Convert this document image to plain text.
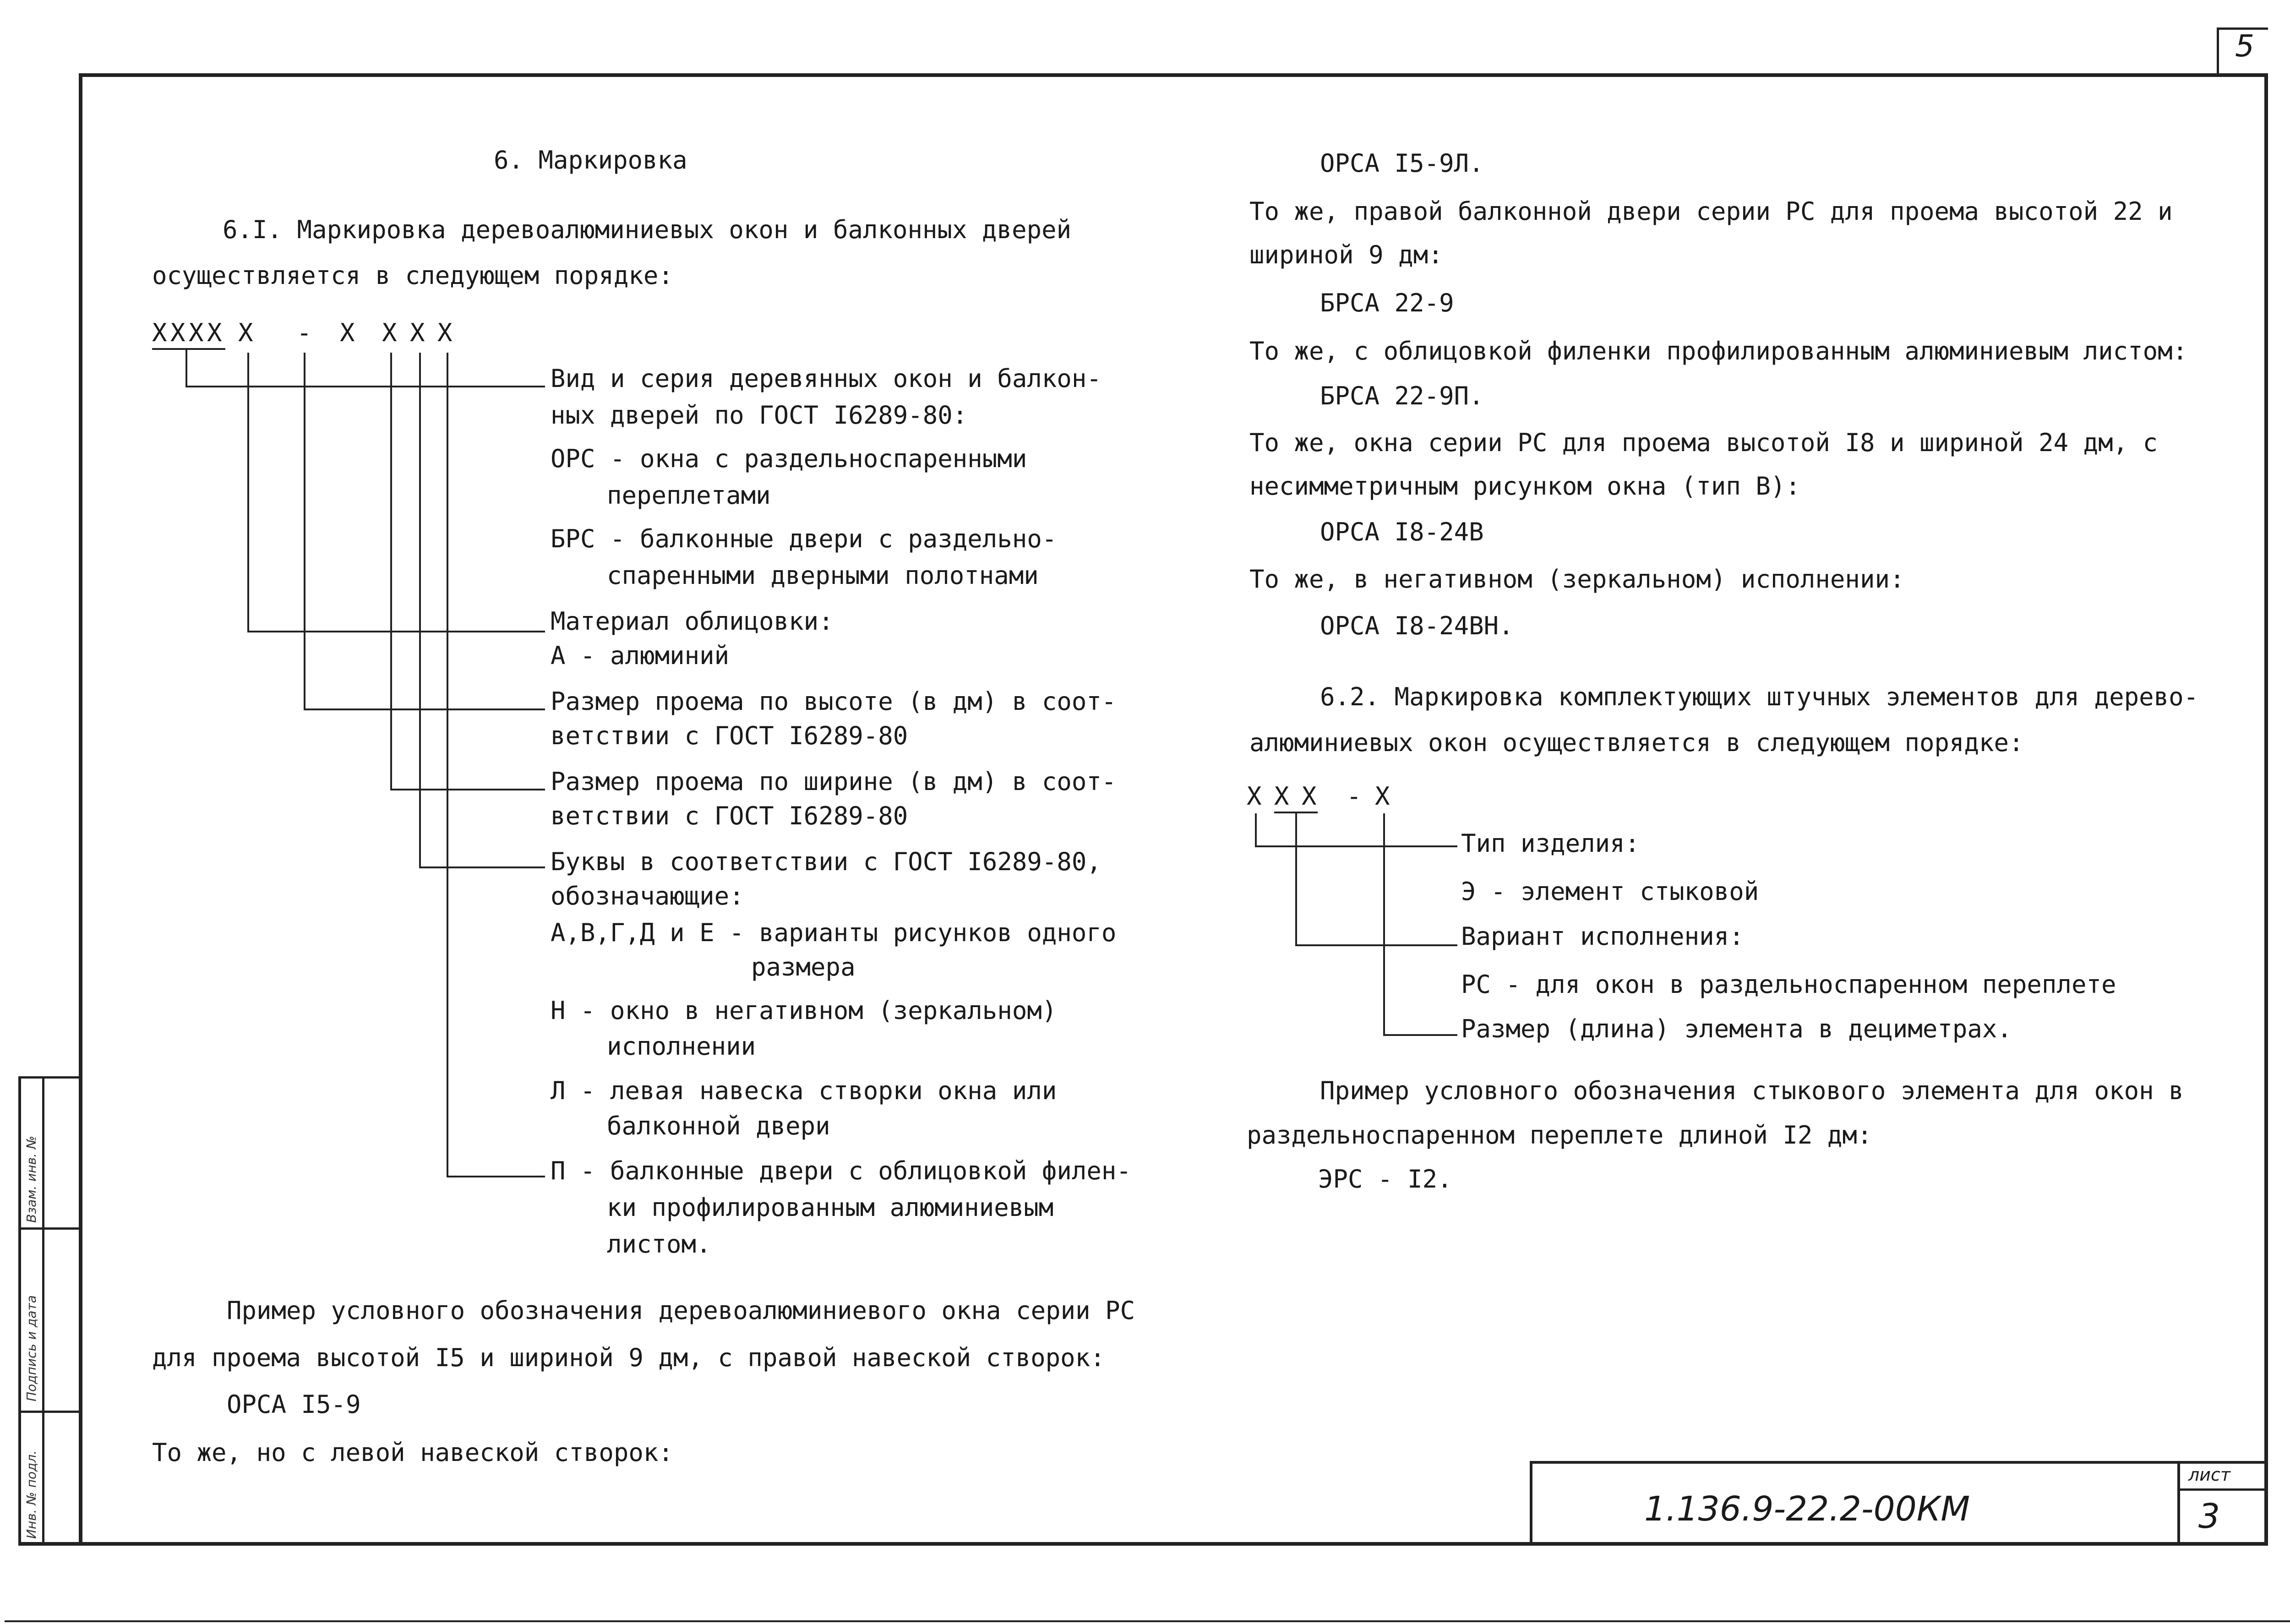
5
Инв. № подл.
Подпись и дата
Взам. инв. №
1.136.9-22.2-00КМ
лист
3
6. Маркировка
6.I. Маркировка деревоалюминиевых окон и балконных дверей
осуществляется в следующем порядке:
X X X X X - X X X X
Вид и серия деревянных окон и балкон-
ных дверей по ГОСТ I6289-80:
ОРС - окна с раздельноспаренными
переплетами
БРС - балконные двери с раздельно-
спаренными дверными полотнами
Материал облицовки:
А - алюминий
Размер проема по высоте (в дм) в соот-
ветствии с ГОСТ I6289-80
Размер проема по ширине (в дм) в соот-
ветствии с ГОСТ I6289-80
Буквы в соответствии с ГОСТ I6289-80,
обозначающие:
А,В,Г,Д и Е - варианты рисунков одного
размера
Н - окно в негативном (зеркальном)
исполнении
Л - левая навеска створки окна или
балконной двери
П - балконные двери с облицовкой филен-
ки профилированным алюминиевым
листом.
Пример условного обозначения деревоалюминиевого окна серии РС
для проема высотой I5 и шириной 9 дм, с правой навеской створок:
ОРСА I5-9
То же, но с левой навеской створок:
ОРСА I5-9Л.
То же, правой балконной двери серии РС для проема высотой 22 и
шириной 9 дм:
БРСА 22-9
То же, с облицовкой филенки профилированным алюминиевым листом:
БРСА 22-9П.
То же, окна серии РС для проема высотой I8 и шириной 24 дм, с
несимметричным рисунком окна (тип В):
ОРСА I8-24В
То же, в негативном (зеркальном) исполнении:
ОРСА I8-24ВН.
6.2. Маркировка комплектующих штучных элементов для дерево-
алюминиевых окон осуществляется в следующем порядке:
X X X - X
Тип изделия:
Э - элемент стыковой
Вариант исполнения:
РС - для окон в раздельноспаренном переплете
Размер (длина) элемента в дециметрах.
Пример условного обозначения стыкового элемента для окон в
раздельноспаренном переплете длиной I2 дм:
ЭРС - I2.
